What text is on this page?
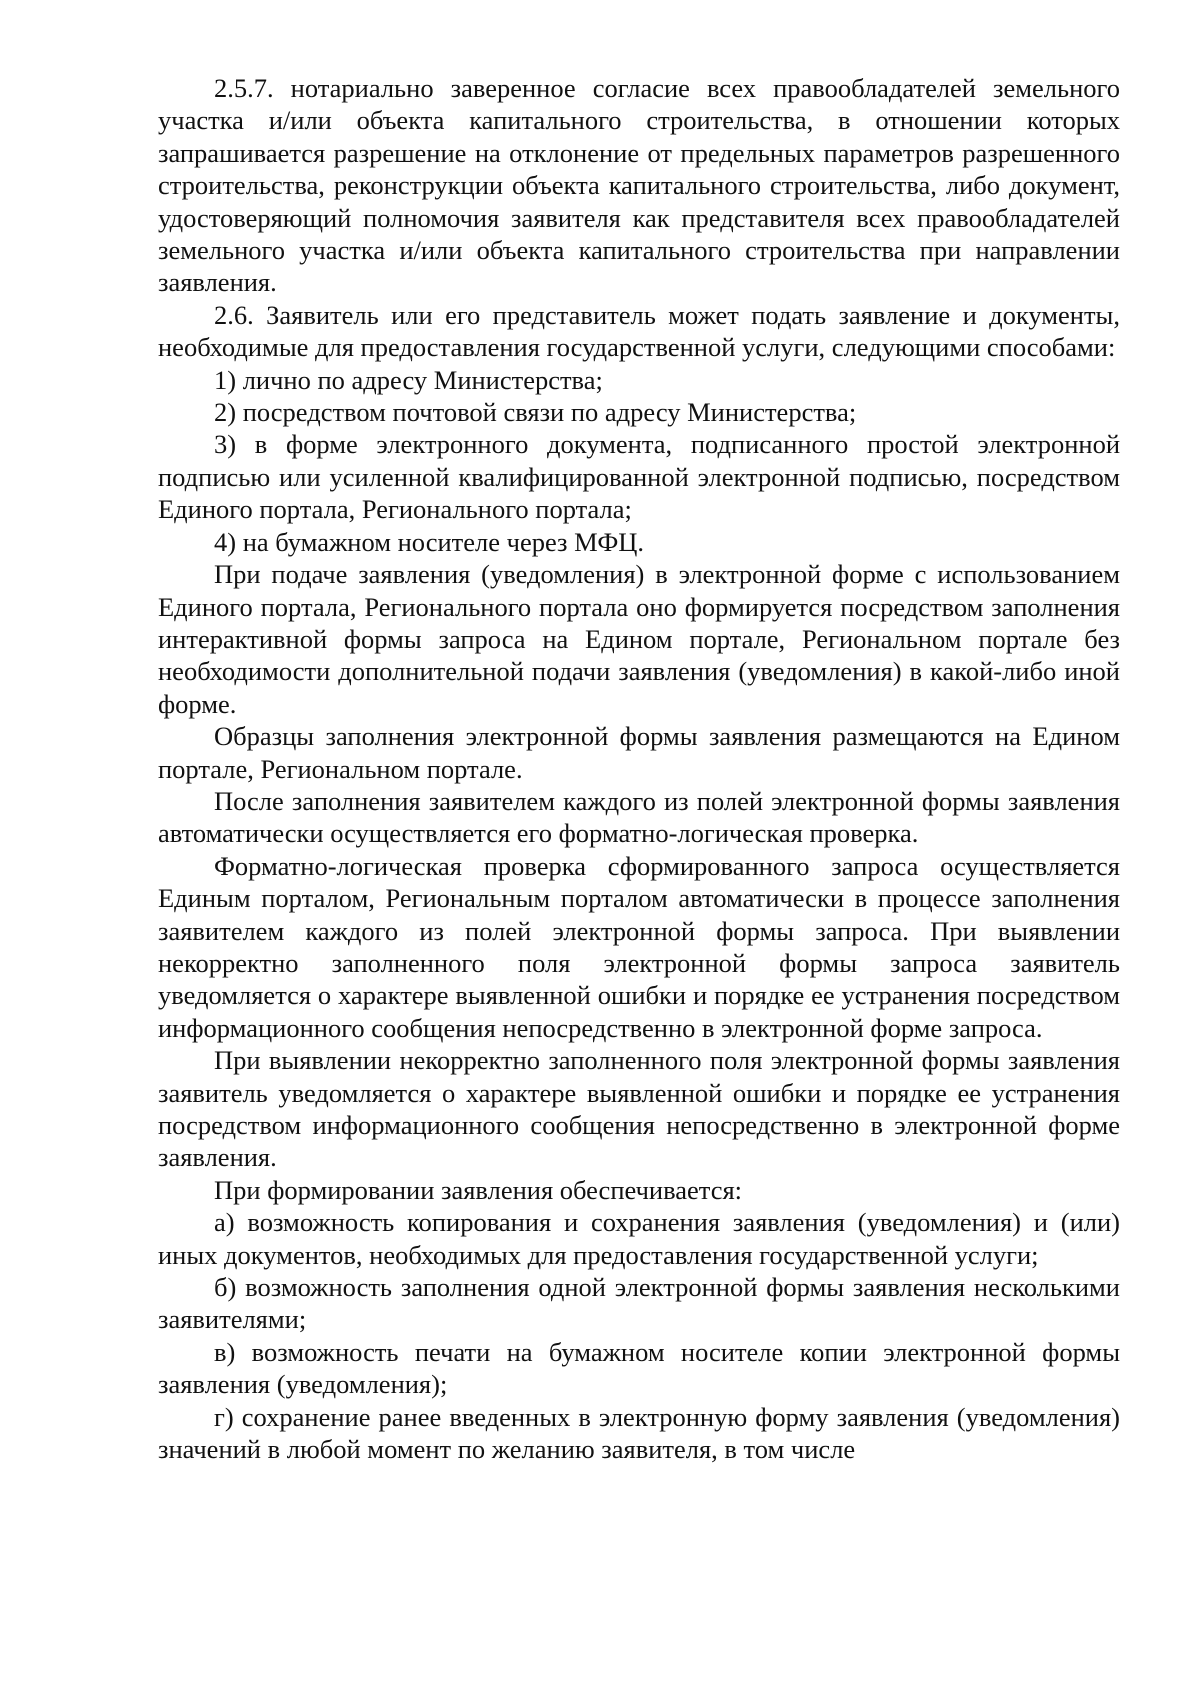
2.5.7. нотариально заверенное согласие всех правообладателей земельного участка и/или объекта капитального строительства, в отношении которых запрашивается разрешение на отклонение от предельных параметров разрешенного строительства, реконструкции объекта капитального строительства, либо документ, удостоверяющий полномочия заявителя как представителя всех правообладателей земельного участка и/или объекта капитального строительства при направлении заявления.

2.6. Заявитель или его представитель может подать заявление и документы, необходимые для предоставления государственной услуги, следующими способами:

1) лично по адресу Министерства;

2) посредством почтовой связи по адресу Министерства;

3) в форме электронного документа, подписанного простой электронной подписью или усиленной квалифицированной электронной подписью, посредством Единого портала, Регионального портала;

4) на бумажном носителе через МФЦ.

При подаче заявления (уведомления) в электронной форме с использованием Единого портала, Регионального портала оно формируется посредством заполнения интерактивной формы запроса на Едином портале, Региональном портале без необходимости дополнительной подачи заявления (уведомления) в какой-либо иной форме.

Образцы заполнения электронной формы заявления размещаются на Едином портале, Региональном портале.

После заполнения заявителем каждого из полей электронной формы заявления автоматически осуществляется его форматно-логическая проверка.

Форматно-логическая проверка сформированного запроса осуществляется Единым порталом, Региональным порталом автоматически в процессе заполнения заявителем каждого из полей электронной формы запроса. При выявлении некорректно заполненного поля электронной формы запроса заявитель уведомляется о характере выявленной ошибки и порядке ее устранения посредством информационного сообщения непосредственно в электронной форме запроса.

При выявлении некорректно заполненного поля электронной формы заявления заявитель уведомляется о характере выявленной ошибки и порядке ее устранения посредством информационного сообщения непосредственно в электронной форме заявления.

При формировании заявления обеспечивается:

а) возможность копирования и сохранения заявления (уведомления) и (или) иных документов, необходимых для предоставления государственной услуги;

б) возможность заполнения одной электронной формы заявления несколькими заявителями;

в) возможность печати на бумажном носителе копии электронной формы заявления (уведомления);

г) сохранение ранее введенных в электронную форму заявления (уведомления) значений в любой момент по желанию заявителя, в том числе
